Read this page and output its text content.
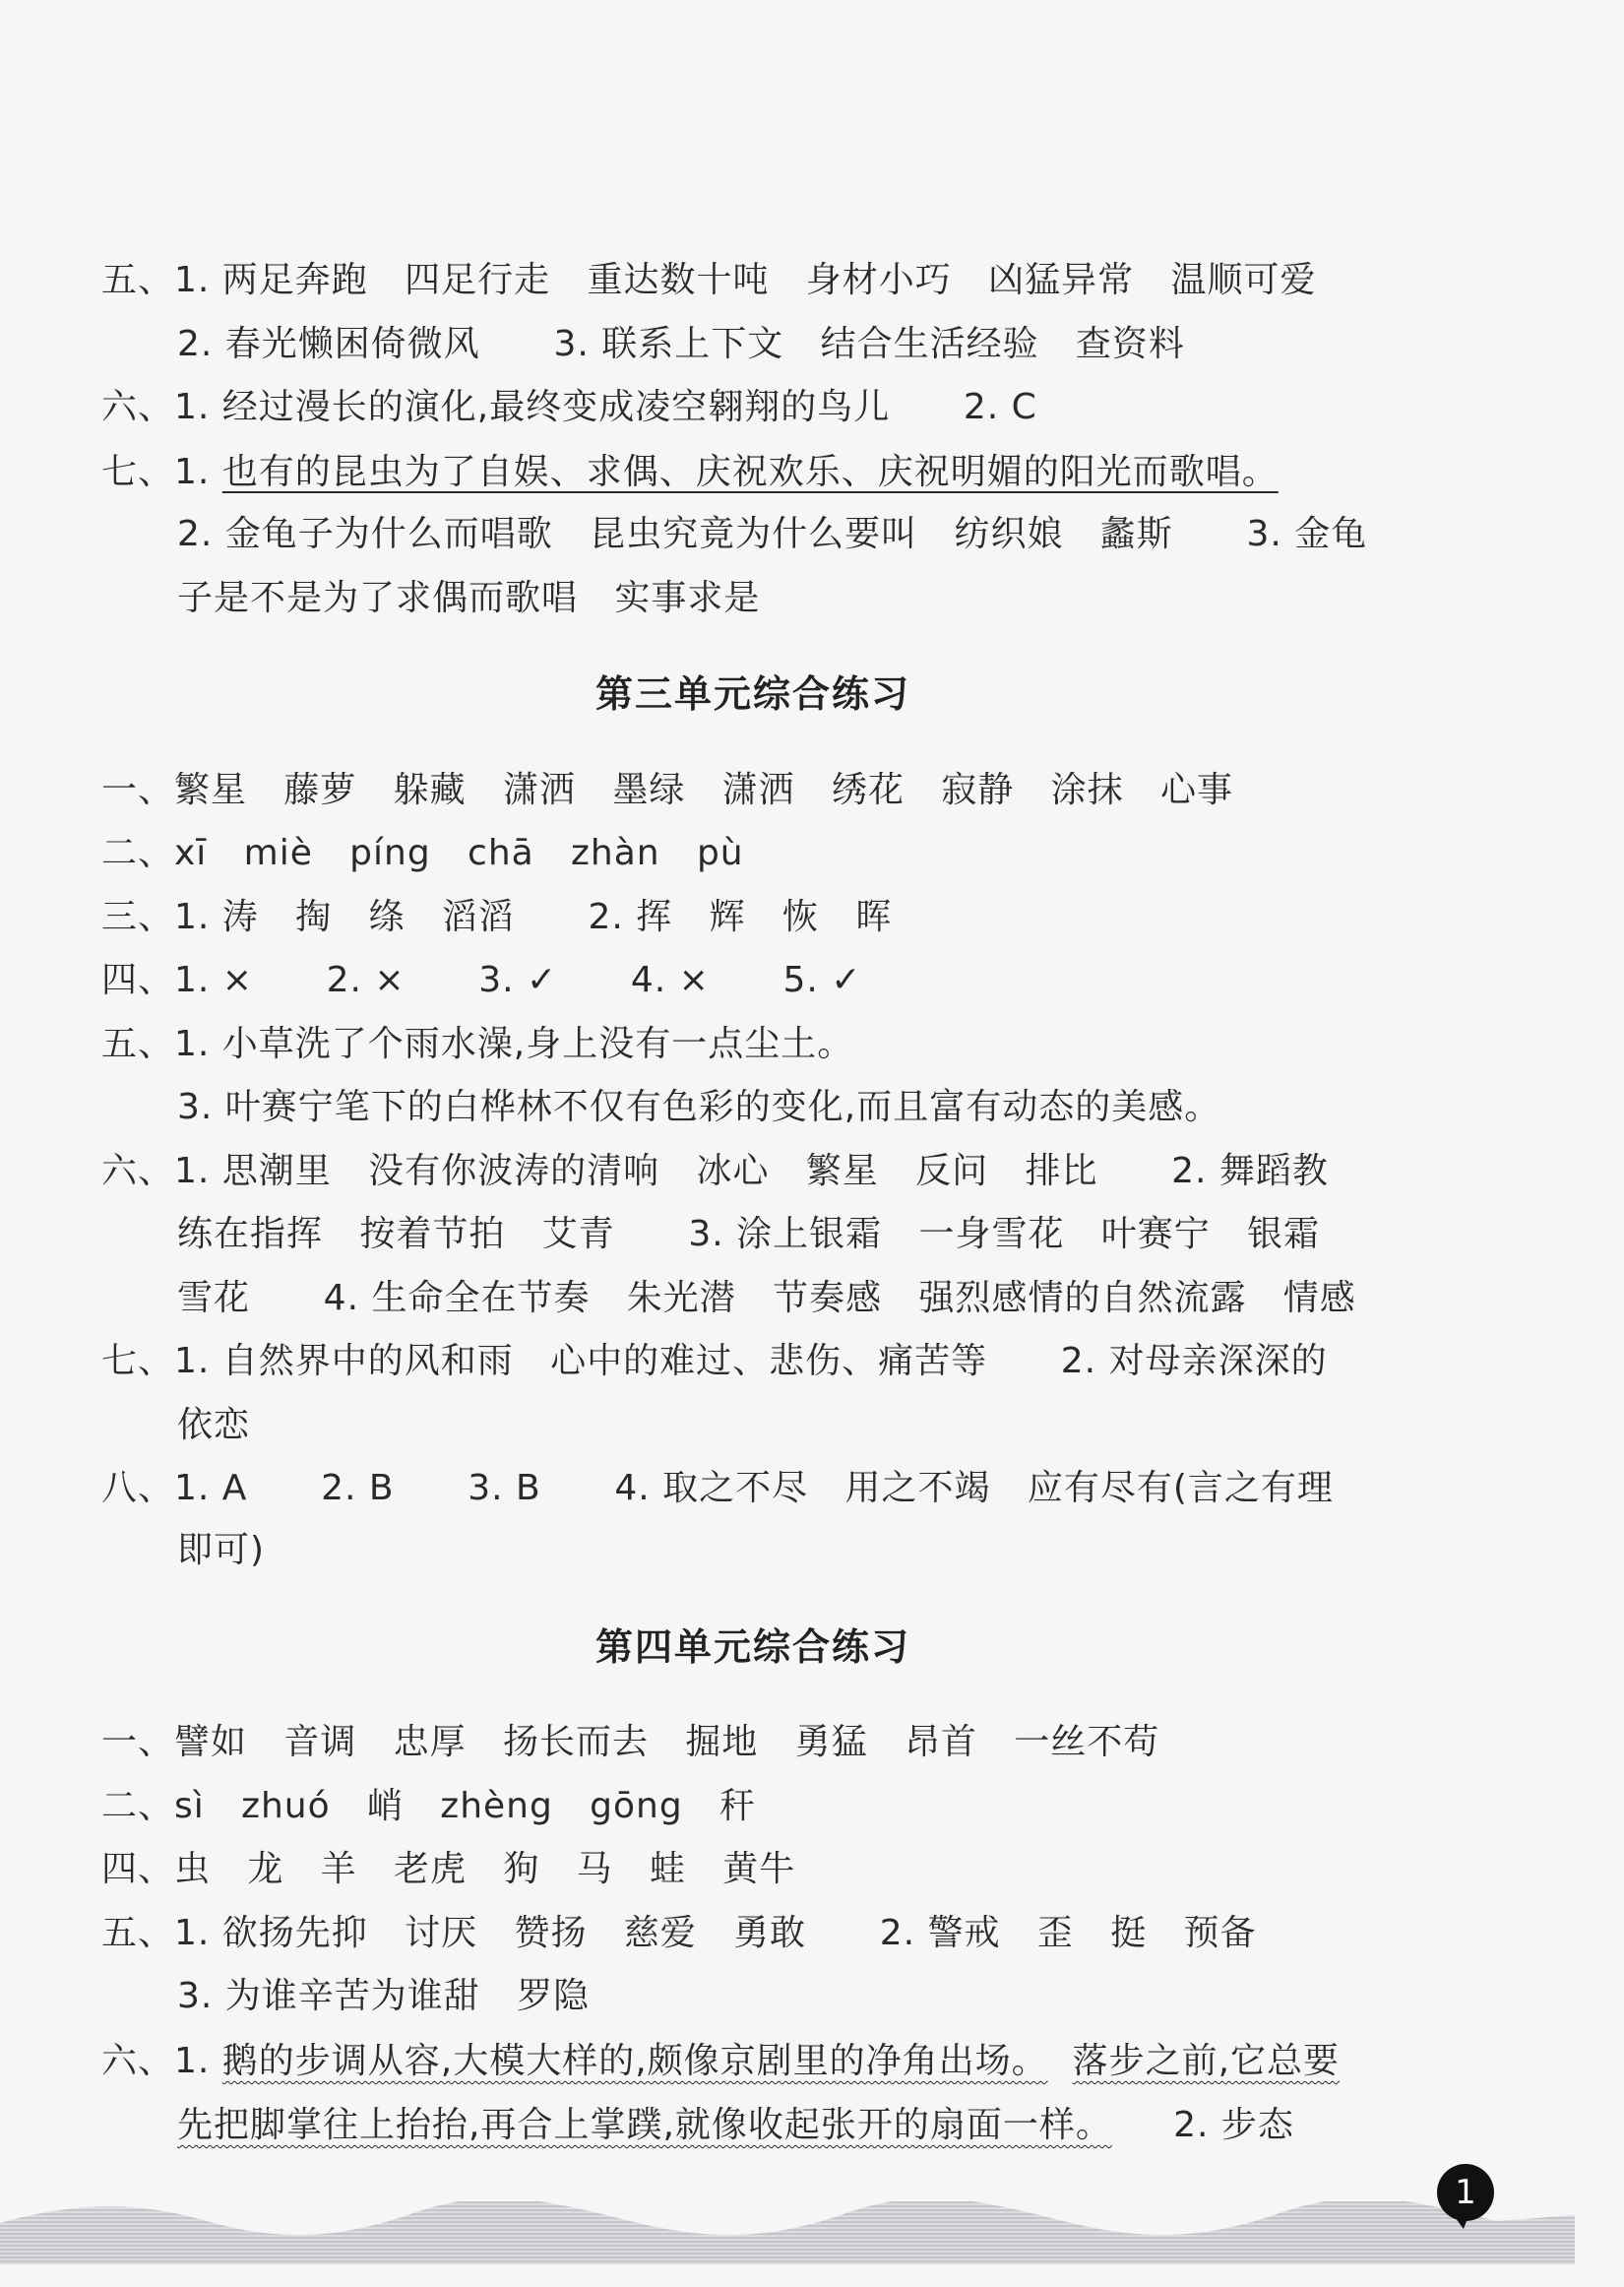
五、1. 两足奔跑   四足行走   重达数十吨   身材小巧   凶猛异常   温顺可爱
2. 春光懒困倚微风      3. 联系上下文   结合生活经验   查资料
六、1. 经过漫长的演化,最终变成凌空翱翔的鸟儿      2. C
七、1. 也有的昆虫为了自娱、求偶、庆祝欢乐、庆祝明媚的阳光而歌唱。
2. 金龟子为什么而唱歌   昆虫究竟为什么要叫   纺织娘   蠡斯      3. 金龟
子是不是为了求偶而歌唱   实事求是
第三单元综合练习
一、繁星   藤萝   躲藏   潇洒   墨绿   潇洒   绣花   寂静   涂抹   心事
二、xī   miè   píng   chā   zhàn   pù
三、1. 涛   掏   绦   滔滔      2. 挥   辉   恢   晖
四、1. ×      2. ×      3. ✓      4. ×      5. ✓
五、1. 小草洗了个雨水澡,身上没有一点尘土。
3. 叶赛宁笔下的白桦林不仅有色彩的变化,而且富有动态的美感。
六、1. 思潮里   没有你波涛的清响   冰心   繁星   反问   排比      2. 舞蹈教
练在指挥   按着节拍   艾青      3. 涂上银霜   一身雪花   叶赛宁   银霜
雪花      4. 生命全在节奏   朱光潜   节奏感   强烈感情的自然流露   情感
七、1. 自然界中的风和雨   心中的难过、悲伤、痛苦等      2. 对母亲深深的
依恋
八、1. A      2. B      3. B      4. 取之不尽   用之不竭   应有尽有(言之有理
即可)
第四单元综合练习
一、譬如   音调   忠厚   扬长而去   掘地   勇猛   昂首   一丝不苟
二、sì   zhuó   峭   zhèng   gōng   秆
四、虫   龙   羊   老虎   狗   马   蛙   黄牛
五、1. 欲扬先抑   讨厌   赞扬   慈爱   勇敢      2. 警戒   歪   挺   预备
3. 为谁辛苦为谁甜   罗隐
六、1. 鹅的步调从容,大模大样的,颇像京剧里的净角出场。 落步之前,它总要
先把脚掌往上抬抬,再合上掌蹼,就像收起张开的扇面一样。     2. 步态
1
